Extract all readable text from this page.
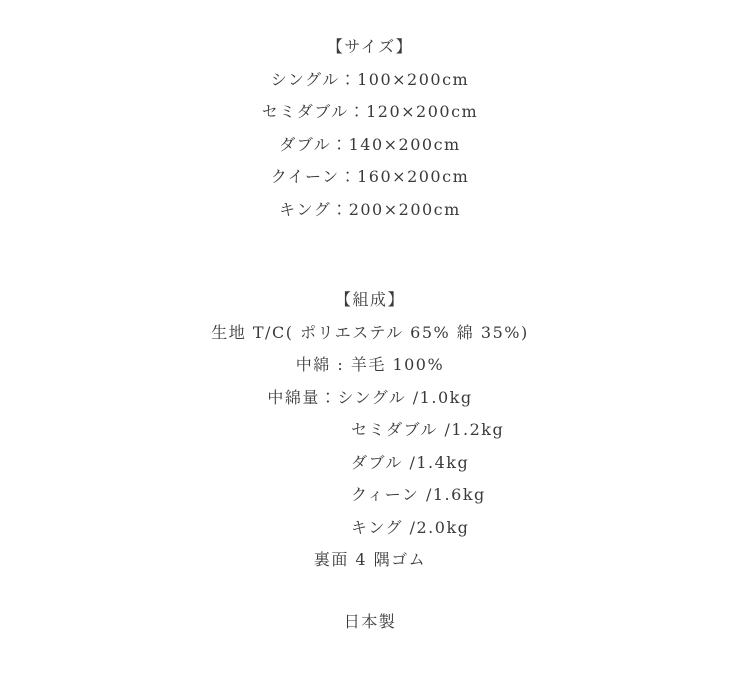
【サイズ】
シングル：100×200cm
セミダブル：120×200cm
ダブル：140×200cm
クイーン：160×200cm
キング：200×200cm
【組成】
生地 T/C( ポリエステル 65% 綿 35%)
中綿 : 羊毛 100%
中綿量：シングル /1.0kg
セミダブル /1.2kg
ダブル /1.4kg
クィーン /1.6kg
キング /2.0kg
裏面 4 隅ゴム
日本製
